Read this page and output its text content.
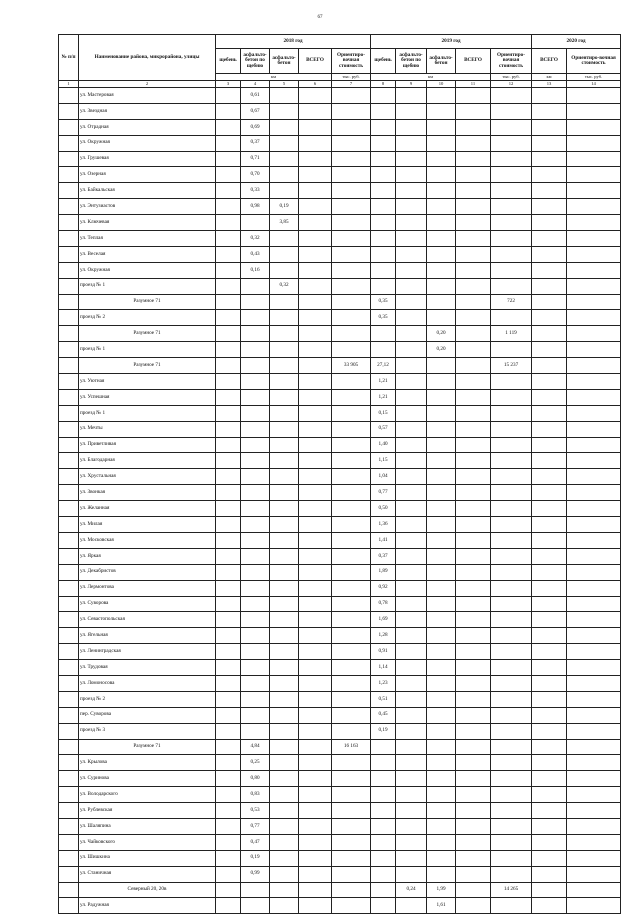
67
№ п/п	Наименование района, микрорайона, улицы	2018 год					2019 год					2020 год	
		щебень	асфальто-бетон по щебню	асфальто-бетон	ВСЕГО	Ориентиро-вочная стоимость	щебень	асфальто-бетон по щебню	асфальто-бетон	ВСЕГО	Ориентиро-вочная стоимость	ВСЕГО	Ориентиро-вочная стоимость
		км				тыс. руб.	км				тыс. руб.	км	тыс. руб.
1	2	3	4	5	6	7	8	9	10	11	12	13	14
	ул. Мастеровая		0,61										
	ул. Звездная		0,67										
	ул. Отрадная		0,69										
	ул. Окружная		0,37										
	ул. Грушевая		0,71										
	ул. Озерная		0,70										
	ул. Байкальская		0,33										
	ул. Энтузиастов		0,98	0,19									
	ул. Ключевая			3,85									
	ул. Теплая		0,32										
	ул. Веселая		0,43										
	ул. Окружная		0,16										
	проезд № 1			0,32									
	Разумное 71						0,35				722		
	проезд № 2						0,35						
	Разумное 71								0,20		1 119		
	проезд № 1								0,20				
	Разумное 71					33 905	27,12				15 237		
	ул. Уютная						1,21						
	ул. Успешная						1,21						
	проезд № 1						0,15						
	ул. Мечты						0,57						
	ул. Приветливая						1,40						
	ул. Благодарная						1,15						
	ул. Хрустальная						1,04						
	ул. Звонкая						0,77						
	ул. Желанная						0,50						
	ул. Милая						1,36						
	ул. Московская						1,41						
	ул. Яркая						0,37						
	ул. Декабристов						1,89						
	ул. Лермонтова						0,92						
	ул. Суворова						0,78						
	ул. Севастопольская						1,69						
	ул. Ягельная						1,28						
	ул. Ленинградская						0,91						
	ул. Трудовая						1,14						
	ул. Ломоносова						1,23						
	проезд № 2						0,51						
	пер. Суворова						0,45						
	проезд № 3						0,19						
	Разумное 71		4,84			16 163							
	ул. Крылова		0,25										
	ул. Суринова		0,80										
	ул. Володарского		0,83										
	ул. Рублевская		0,53										
	ул. Шаляпина		0,77										
	ул. Чайковского		0,47										
	ул. Шишкина		0,19										
	ул. Станичная		0,99										
	Северный 20, 20в							0,24	1,99		14 265		
	ул. Радужная								1,61				
